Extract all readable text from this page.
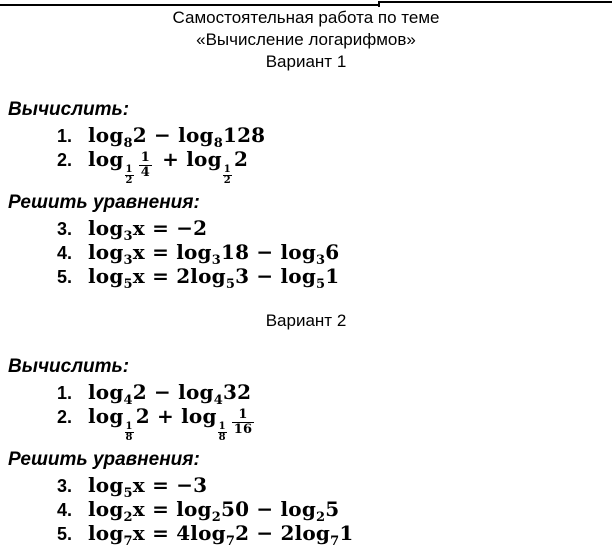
Самостоятельная работа по теме
«Вычисление логарифмов»
Вариант 1
Вычислить:
1. $\log_82 - \log_8128$
2. log
$\frac{1}{2} \frac{1}{4} + \log$
$\frac{1}{2}$
2
Решить уравнения:
3. $\log_3x = -2$
4. $\log_3x = \log_318 - \log_36$
5. $\log_5x = 2\log_53 - \log_51$
Вариант 2
Вычислить:
1. $\log_42 - \log_432$
2. log
$\frac{1}{8}$
2 + log
$\frac{1}{8} \frac{1}{16}$
Решить уравнения:
3. $\log_5x = -3$
4. $\log_2x = \log_250 - \log_25$
5. $\log_7x = 4\log_72 - 2\log_71$
